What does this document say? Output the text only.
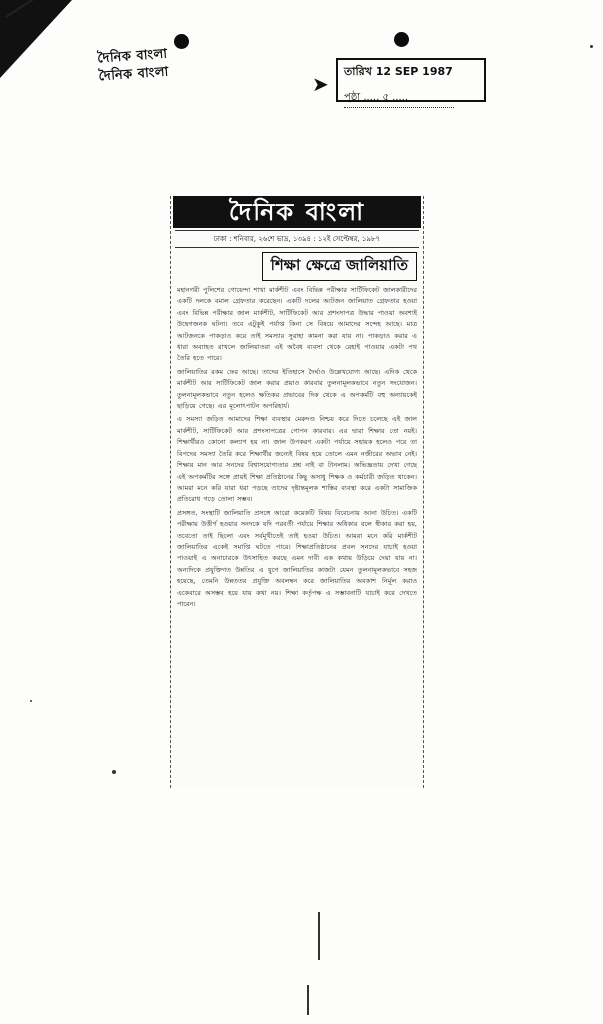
দৈনিক বাংলা
দৈনিক বাংলা	➤
তারিখ 12 SEP 1987
পৃষ্ঠা ..... ৫ .....
দৈনিক বাংলা
ঢাকা : শনিবার, ২৬শে ভাদ্র, ১৩৯৪ : ১২ই সেপ্টেম্বর, ১৯৮৭
শিক্ষা ক্ষেত্রে জালিয়াতি

মহানগরী পুলিশের গোয়েন্দা শাখা মার্কশীট এবং বিভিন্ন পরীক্ষার সার্টিফিকেট জালকারীদের একটি দলকে বমাল গ্রেফতার করেছেন। একটি দলের আটজন জালিয়াত গ্রেফতার হওয়া এবং বিভিন্ন পরীক্ষার জাল মার্কশীট, সার্টিফিকেট আর প্রশংসাপত্র উদ্ধার পাওয়া অবশ্যই উদ্বেগজনক ঘটনা। তবে এটুকুই পর্যাপ্ত কিনা সে বিষয়ে আমাদের সন্দেহ আছে। মাত্র আটজনকে পাকড়াও করে তাই সমস্যার সুরাহা কামনা করা যায় না। পাকড়াও করার এ ধারা অব্যাহত রাখলে জালিয়াতরা এই অবৈধ ব্যবসা থেকে রেহাই পাওয়ার একটা পথ তৈরি হতে পারে।

জালিয়াতির রকম ফের আছে। তাদের ইতিহাসে দৈর্ঘ্যও উল্লেখযোগ্য আছে। এদিক থেকে মার্কশীট আর সার্টিফিকেট জাল করার প্রয়াও কারবার তুলনামূলকভাবে নতুন সংযোজন। তুলনামূলকভাবে নতুন হলেও ক্ষতিকর প্রভাবের দিক থেকে এ অপকর্মটি বহু অন্যায়কেই ছাড়িয়ে গেছে। এর মূলোৎপাটন অপরিহার্য।

এ সমস্যা জড়িত আমাদের শিক্ষা ব্যবস্থার মেরুদণ্ড নিশ্চয় করে দিতে চলেছে এই জাল মার্কশীট, সার্টিফিকেট আর প্রশংসাপত্রের গোপন কারবার। এর দ্বারা শিক্ষার তো নয়ই। শিক্ষার্থীরও কোনো কল্যাণ হয় না। জাল উপকরণ একটা পর্যায়ে সহায়ক হলেও পরে তা বিপদের সমস্যা তৈরি করে শিক্ষার্থীর জন্যেই বিষয় হয়ে তোলে এমন নজীরের অভাব নেই। শিক্ষার মান আর সনদের বিশ্বাসযোগ্যতার প্রশ্ন নাই বা টানলাম। অভিজ্ঞতায় দেখা গেছে এই অপকর্মটির সঙ্গে প্রায়ই শিক্ষা প্রতিষ্ঠানের কিছু অসাধু শিক্ষক ও কর্মচারী জড়িত থাকেন। আমরা মনে করি যারা ধরা পড়ছে তাদের দৃষ্টান্তমূলক শাস্তির ব্যবস্থা করে একটা সামাজিক প্রতিরোধ গড়ে তোলা সম্ভব।

প্রসঙ্গত, সংস্থাটি জালিয়াতি প্রসঙ্গে আরো কয়েকটি বিষয় বিবেচনায় আনা উচিত। একটি পরীক্ষায় উত্তীর্ণ হওয়ার সনদকে যদি পরবর্তী পর্যায়ে শিক্ষার অধিকার বলে স্বীকার করা হয়, তবেতো তাই ছিলো এবং সর্বমূখীতেই তাই হওয়া উচিত। আমরা মনে করি মার্কশীট জালিয়াতির একেই সমাপ্তি ঘটতে পারে। শিক্ষাপ্রতিষ্ঠানের প্রবল সনদের যাচাই হওয়া পাওয়াই এ অনাচারকে উৎসাহিত করছে এমন দাবী এক কথায় উড়িয়ে দেয়া যায় না। অন্যদিকে প্রযুক্তিগত উন্নতির এ যুগে জালিয়াতির কাজটা যেমন তুলনামূলকভাবে সহজ হয়েছে, তেমনি উন্নততর প্রযুক্তি অবলম্বন করে জালিয়াতির অবকাশ নির্মূল করাও একেবারে অসম্ভব হয়ে যায় কথা নয়। শিক্ষা কর্তৃপক্ষ এ সম্ভাবনাটি যাচাই করে দেখতে পারেন।
